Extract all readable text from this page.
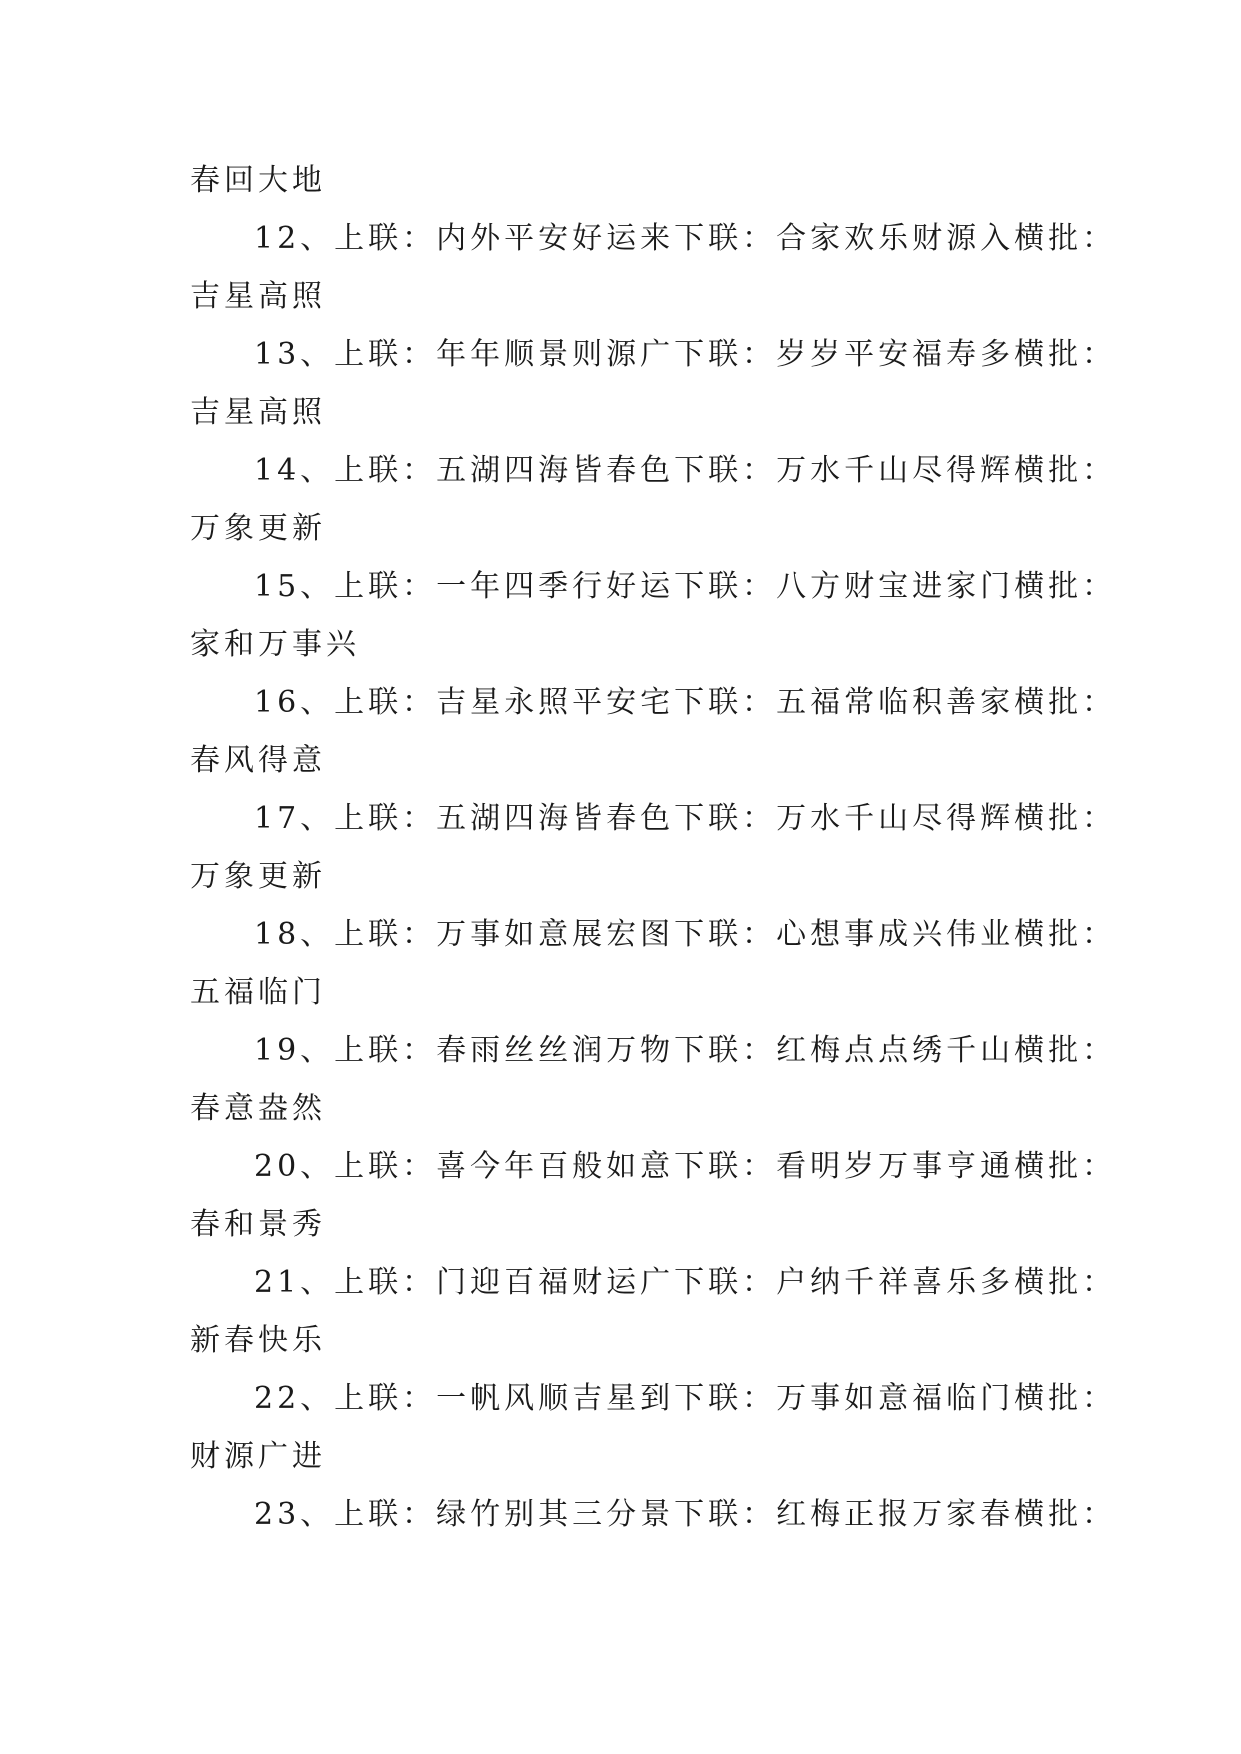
春回大地
12、上联：内外平安好运来下联：合家欢乐财源入横批：
吉星高照
13、上联：年年顺景则源广下联：岁岁平安福寿多横批：
吉星高照
14、上联：五湖四海皆春色下联：万水千山尽得辉横批：
万象更新
15、上联：一年四季行好运下联：八方财宝进家门横批：
家和万事兴
16、上联：吉星永照平安宅下联：五福常临积善家横批：
春风得意
17、上联：五湖四海皆春色下联：万水千山尽得辉横批：
万象更新
18、上联：万事如意展宏图下联：心想事成兴伟业横批：
五福临门
19、上联：春雨丝丝润万物下联：红梅点点绣千山横批：
春意盎然
20、上联：喜今年百般如意下联：看明岁万事亨通横批：
春和景秀
21、上联：门迎百福财运广下联：户纳千祥喜乐多横批：
新春快乐
22、上联：一帆风顺吉星到下联：万事如意福临门横批：
财源广进
23、上联：绿竹别其三分景下联：红梅正报万家春横批：
